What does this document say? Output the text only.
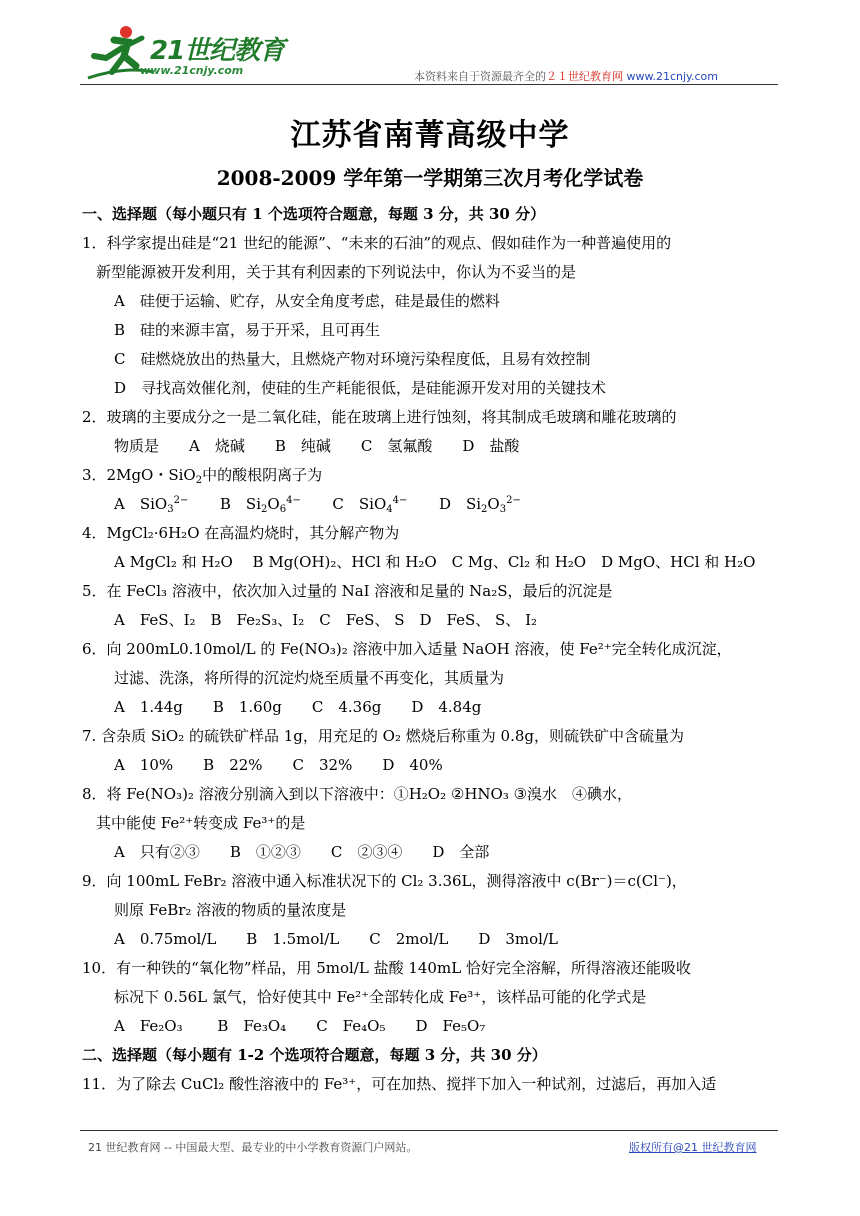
21世纪教育
www.21cnjy.com	本资料来自于资源最齐全的２１世纪教育网 www.21cnjy.com
江苏省南菁高级中学
2008-2009 学年第一学期第三次月考化学试卷
一、选择题（每小题只有 1 个选项符合题意，每题 3 分，共 30 分）
1．科学家提出硅是“21 世纪的能源”、“未来的石油”的观点、假如硅作为一种普遍使用的
新型能源被开发利用，关于其有利因素的下列说法中，你认为不妥当的是
A　硅便于运输、贮存，从安全角度考虑，硅是最佳的燃料
B　硅的来源丰富，易于开采，且可再生
C　硅燃烧放出的热量大，且燃烧产物对环境污染程度低，且易有效控制
D　寻找高效催化剂，使硅的生产耗能很低，是硅能源开发对用的关键技术
2．玻璃的主要成分之一是二氧化硅，能在玻璃上进行蚀刻，将其制成毛玻璃和雕花玻璃的
物质是　　A　烧碱　　B　纯碱　　C　氢氟酸　　D　盐酸
3．2MgO・SiO$_2$中的酸根阴离子为
A　SiO$_3^{2-}$ B　$Si_2O_6^{4-}$ C　SiO$_4^{4-}$ D　$Si_2O_3^{2-}$
4．MgCl₂·6H₂O 在高温灼烧时，其分解产物为
A MgCl₂ 和 H₂O　 B Mg(OH)₂、HCl 和 H₂O　C Mg、Cl₂ 和 H₂O　D MgO、HCl 和 H₂O
5．在 FeCl₃ 溶液中，依次加入过量的 NaI 溶液和足量的 Na₂S，最后的沉淀是
A　FeS、I₂　B　Fe₂S₃、I₂　C　FeS、 S　D　FeS、 S、 I₂
6．向 200mL0.10mol/L 的 Fe(NO₃)₂ 溶液中加入适量 NaOH 溶液，使 Fe²⁺完全转化成沉淀，
过滤、洗涤，将所得的沉淀灼烧至质量不再变化，其质量为
A　1.44g　　B　1.60g　　C　4.36g　　D　4.84g
7. 含杂质 SiO₂ 的硫铁矿样品 1g，用充足的 O₂ 燃烧后称重为 0.8g，则硫铁矿中含硫量为
A　10%　　B　22%　　C　32%　　D　40%
8．将 Fe(NO₃)₂ 溶液分别滴入到以下溶液中：①H₂O₂ ②HNO₃ ③溴水　④碘水，
其中能使 Fe²⁺转变成 Fe³⁺的是
A　只有②③　　B　①②③　　C　②③④　　D　全部
9．向 100mL FeBr₂ 溶液中通入标准状况下的 Cl₂ 3.36L，测得溶液中 c(Br⁻)＝c(Cl⁻)，
则原 FeBr₂ 溶液的物质的量浓度是
A　0.75mol/L　　B　1.5mol/L　　C　2mol/L　　D　3mol/L
10．有一种铁的“氧化物”样品，用 5mol/L 盐酸 140mL 恰好完全溶解，所得溶液还能吸收
标况下 0.56L 氯气，恰好使其中 Fe²⁺全部转化成 Fe³⁺，该样品可能的化学式是
A　Fe₂O₃　　 B　Fe₃O₄　　C　Fe₄O₅　　D　Fe₅O₇
二、选择题（每小题有 1-2 个选项符合题意，每题 3 分，共 30 分）
11．为了除去 CuCl₂ 酸性溶液中的 Fe³⁺，可在加热、搅拌下加入一种试剂，过滤后，再加入适
21 世纪教育网 -- 中国最大型、最专业的中小学教育资源门户网站。	版权所有@21 世纪教育网
